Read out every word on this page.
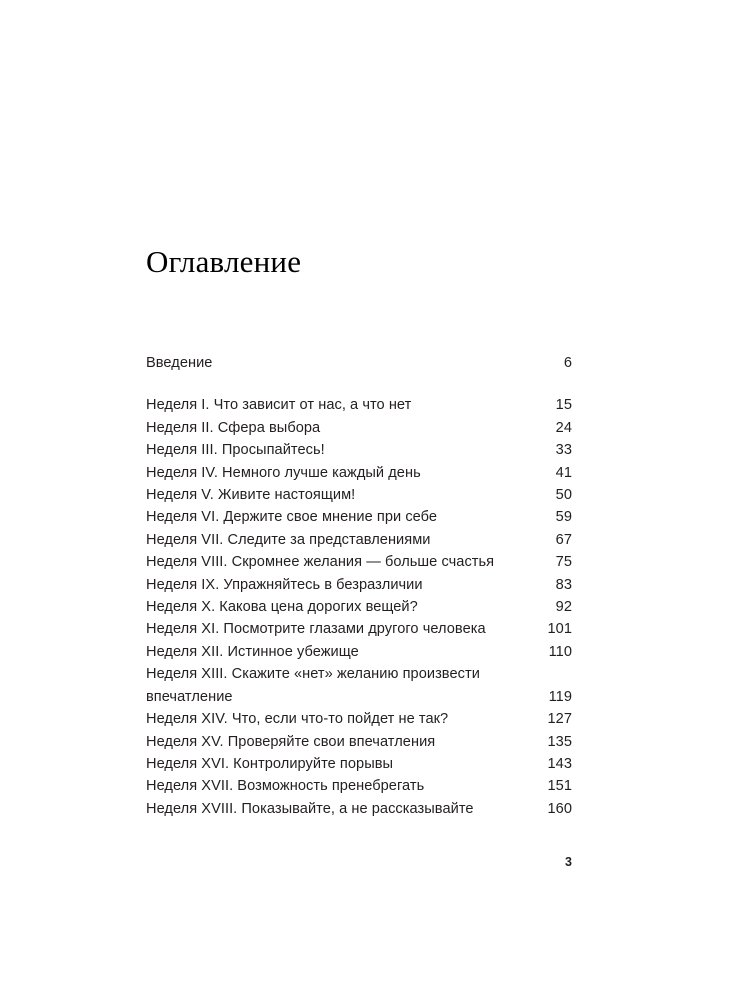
Оглавление
Введение	6
Неделя I. Что зависит от нас, а что нет	15
Неделя II. Сфера выбора	24
Неделя III. Просыпайтесь!	33
Неделя IV. Немного лучше каждый день	41
Неделя V. Живите настоящим!	50
Неделя VI. Держите свое мнение при себе	59
Неделя VII. Следите за представлениями	67
Неделя VIII. Скромнее желания — больше счастья	75
Неделя IX. Упражняйтесь в безразличии	83
Неделя X. Какова цена дорогих вещей?	92
Неделя XI. Посмотрите глазами другого человека	101
Неделя XII. Истинное убежище	110
Неделя XIII. Скажите «нет» желанию произвести
впечатление	119
Неделя XIV. Что, если что-то пойдет не так?	127
Неделя XV. Проверяйте свои впечатления	135
Неделя XVI. Контролируйте порывы	143
Неделя XVII. Возможность пренебрегать	151
Неделя XVIII. Показывайте, а не рассказывайте	160
3
